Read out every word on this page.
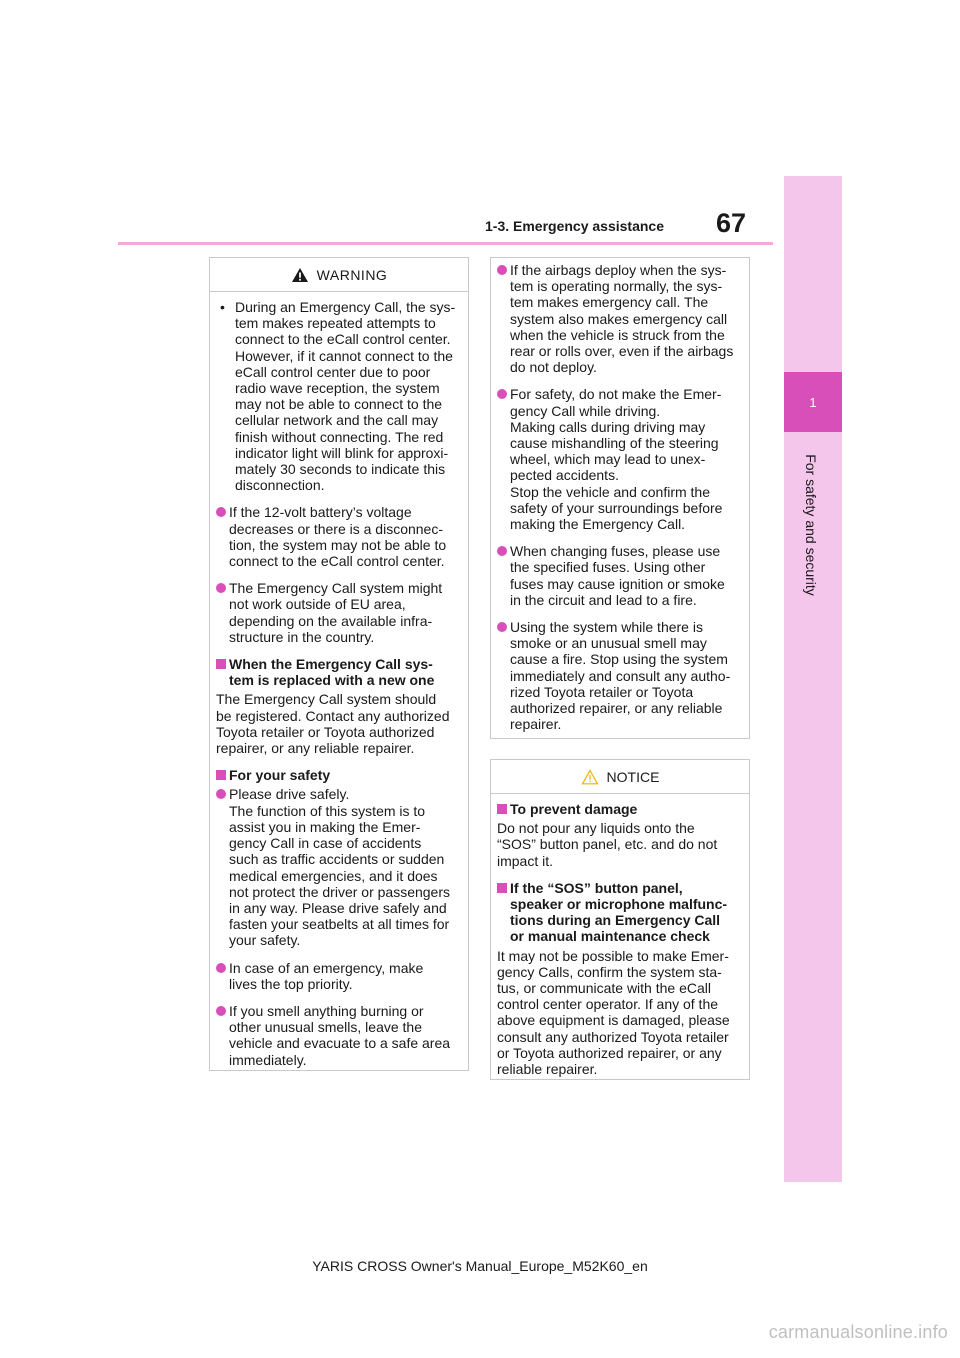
67
1-3. Emergency assistance
1
For safety and security
WARNING
• During an Emergency Call, the sys-
tem makes repeated attempts to
connect to the eCall control center.
However, if it cannot connect to the
eCall control center due to poor
radio wave reception, the system
may not be able to connect to the
cellular network and the call may
finish without connecting. The red
indicator light will blink for approxi-
mately 30 seconds to indicate this
disconnection.
If the 12-volt battery’s voltage
decreases or there is a disconnec-
tion, the system may not be able to
connect to the eCall control center.
The Emergency Call system might
not work outside of EU area,
depending on the available infra-
structure in the country.
When the Emergency Call sys-
tem is replaced with a new one
The Emergency Call system should
be registered. Contact any authorized
Toyota retailer or Toyota authorized
repairer, or any reliable repairer.
For your safety
Please drive safely.
The function of this system is to
assist you in making the Emer-
gency Call in case of accidents
such as traffic accidents or sudden
medical emergencies, and it does
not protect the driver or passengers
in any way. Please drive safely and
fasten your seatbelts at all times for
your safety.
In case of an emergency, make
lives the top priority.
If you smell anything burning or
other unusual smells, leave the
vehicle and evacuate to a safe area
immediately.
If the airbags deploy when the sys-
tem is operating normally, the sys-
tem makes emergency call. The
system also makes emergency call
when the vehicle is struck from the
rear or rolls over, even if the airbags
do not deploy.
For safety, do not make the Emer-
gency Call while driving.
Making calls during driving may
cause mishandling of the steering
wheel, which may lead to unex-
pected accidents.
Stop the vehicle and confirm the
safety of your surroundings before
making the Emergency Call.
When changing fuses, please use
the specified fuses. Using other
fuses may cause ignition or smoke
in the circuit and lead to a fire.
Using the system while there is
smoke or an unusual smell may
cause a fire. Stop using the system
immediately and consult any autho-
rized Toyota retailer or Toyota
authorized repairer, or any reliable
repairer.
NOTICE
To prevent damage
Do not pour any liquids onto the
“SOS” button panel, etc. and do not
impact it.
If the “SOS” button panel,
speaker or microphone malfunc-
tions during an Emergency Call
or manual maintenance check
It may not be possible to make Emer-
gency Calls, confirm the system sta-
tus, or communicate with the eCall
control center operator. If any of the
above equipment is damaged, please
consult any authorized Toyota retailer
or Toyota authorized repairer, or any
reliable repairer.
YARIS CROSS Owner's Manual_Europe_M52K60_en
carmanualsonline.info
